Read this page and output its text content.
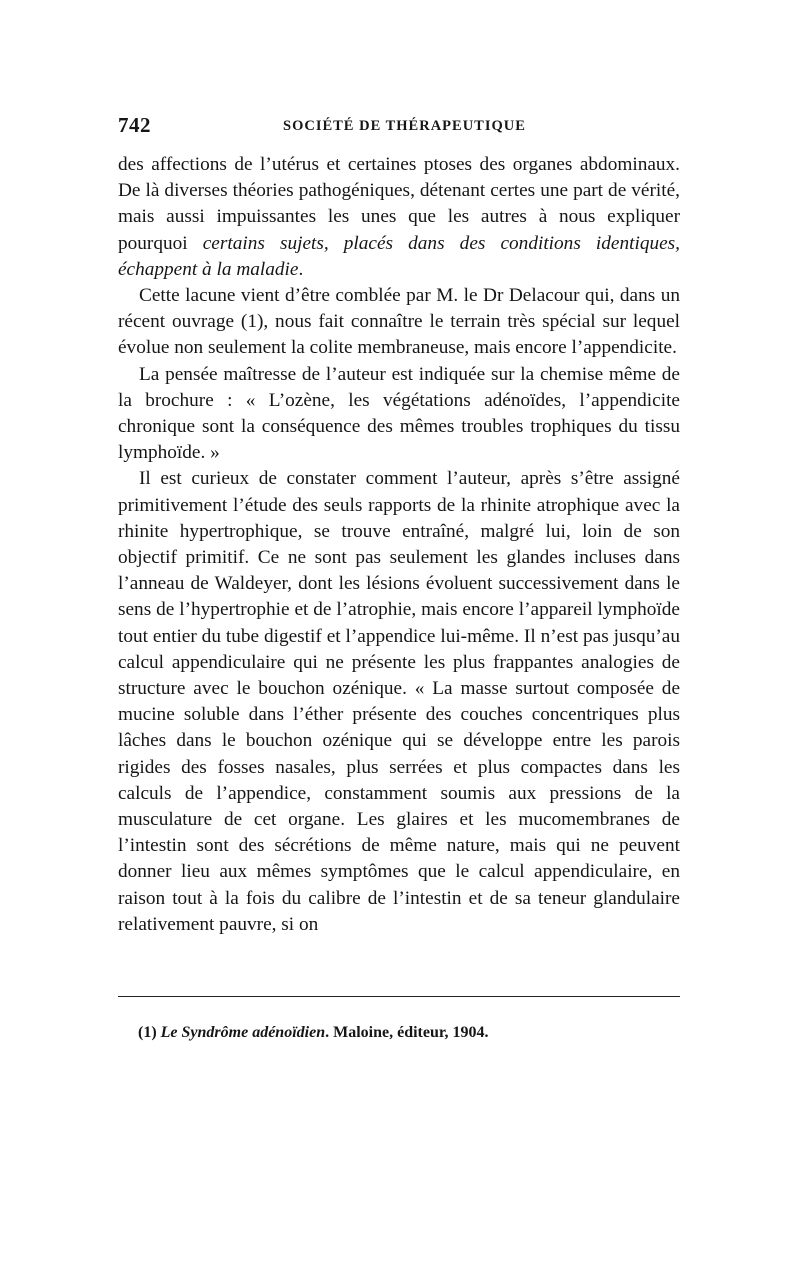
742	SOCIÉTÉ DE THÉRAPEUTIQUE

des affections de l’utérus et certaines ptoses des organes abdominaux. De là diverses théories pathogéniques, détenant certes une part de vérité, mais aussi impuissantes les unes que les autres à nous expliquer pourquoi certains sujets, placés dans des conditions identiques, échappent à la maladie.

Cette lacune vient d’être comblée par M. le Dr Delacour qui, dans un récent ouvrage (1), nous fait connaître le terrain très spécial sur lequel évolue non seulement la colite membraneuse, mais encore l’appendicite.

La pensée maîtresse de l’auteur est indiquée sur la chemise même de la brochure : « L’ozène, les végétations adénoïdes, l’appendicite chronique sont la conséquence des mêmes troubles trophiques du tissu lymphoïde. »

Il est curieux de constater comment l’auteur, après s’être assigné primitivement l’étude des seuls rapports de la rhinite atrophique avec la rhinite hypertrophique, se trouve entraîné, malgré lui, loin de son objectif primitif. Ce ne sont pas seulement les glandes incluses dans l’anneau de Waldeyer, dont les lésions évoluent successivement dans le sens de l’hypertrophie et de l’atrophie, mais encore l’appareil lymphoïde tout entier du tube digestif et l’appendice lui-même. Il n’est pas jusqu’au calcul appendiculaire qui ne présente les plus frappantes analogies de structure avec le bouchon ozénique. « La masse surtout composée de mucine soluble dans l’éther présente des couches concentriques plus lâches dans le bouchon ozénique qui se développe entre les parois rigides des fosses nasales, plus serrées et plus compactes dans les calculs de l’appendice, constamment soumis aux pressions de la musculature de cet organe. Les glaires et les mucomembranes de l’intestin sont des sécrétions de même nature, mais qui ne peuvent donner lieu aux mêmes symptômes que le calcul appendiculaire, en raison tout à la fois du calibre de l’intestin et de sa teneur glandulaire relativement pauvre, si on

(1) Le Syndrôme adénoïdien. Maloine, éditeur, 1904.
